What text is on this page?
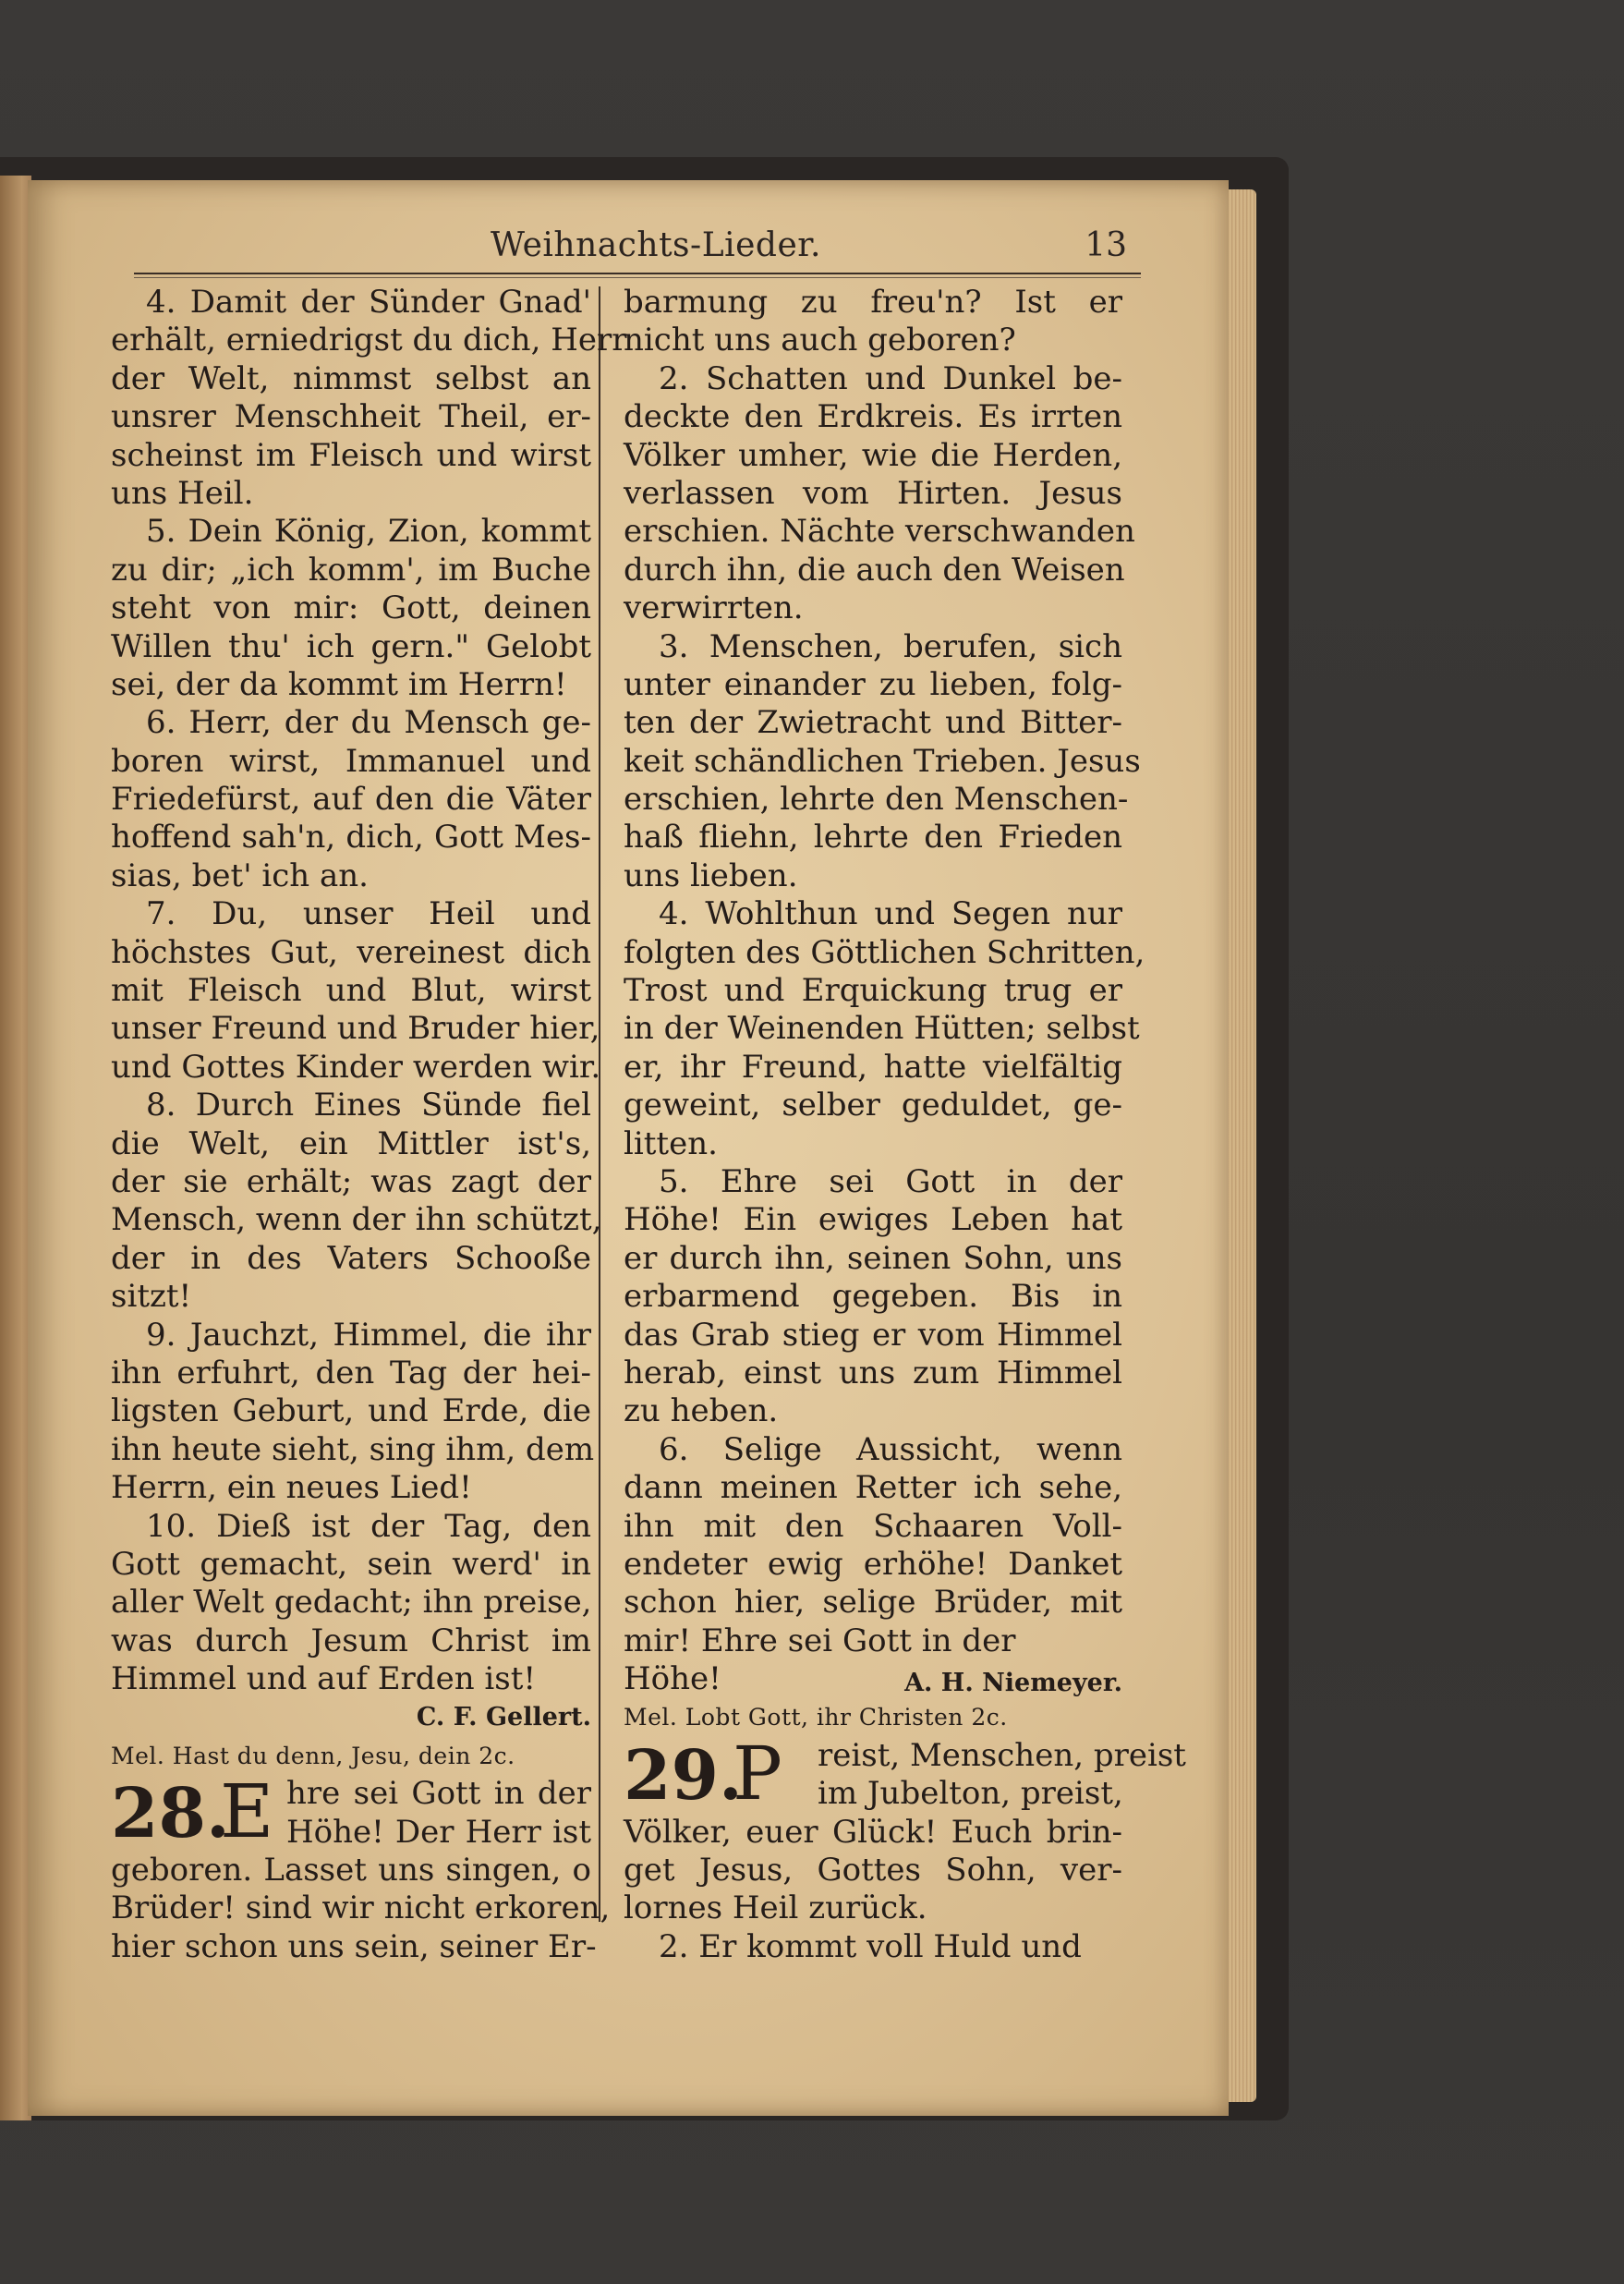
Weihnachts-Lieder.	13
4. Damit der Sünder Gnad'
erhält, erniedrigst du dich, Herr
der Welt, nimmst selbst an
unsrer Menschheit Theil, er-
scheinst im Fleisch und wirst
uns Heil.
5. Dein König, Zion, kommt
zu dir; „ich komm', im Buche
steht von mir: Gott, deinen
Willen thu' ich gern." Gelobt
sei, der da kommt im Herrn!
6. Herr, der du Mensch ge-
boren wirst, Immanuel und
Friedefürst, auf den die Väter
hoffend sah'n, dich, Gott Mes-
sias, bet' ich an.
7. Du, unser Heil und
höchstes Gut, vereinest dich
mit Fleisch und Blut, wirst
unser Freund und Bruder hier,
und Gottes Kinder werden wir.
8. Durch Eines Sünde fiel
die Welt, ein Mittler ist's,
der sie erhält; was zagt der
Mensch, wenn der ihn schützt,
der in des Vaters Schooße
sitzt!
9. Jauchzt, Himmel, die ihr
ihn erfuhrt, den Tag der hei-
ligsten Geburt, und Erde, die
ihn heute sieht, sing ihm, dem
Herrn, ein neues Lied!
10. Dieß ist der Tag, den
Gott gemacht, sein werd' in
aller Welt gedacht; ihn preise,
was durch Jesum Christ im
Himmel und auf Erden ist!
C. F. Gellert.
Mel. Hast du denn, Jesu, dein 2c.
28.
E hre sei Gott in der
Höhe! Der Herr ist
geboren. Lasset uns singen, o
Brüder! sind wir nicht erkoren,
hier schon uns sein, seiner Er-
barmung zu freu'n? Ist er
nicht uns auch geboren?
2. Schatten und Dunkel be-
deckte den Erdkreis. Es irrten
Völker umher, wie die Herden,
verlassen vom Hirten. Jesus
erschien. Nächte verschwanden
durch ihn, die auch den Weisen
verwirrten.
3. Menschen, berufen, sich
unter einander zu lieben, folg-
ten der Zwietracht und Bitter-
keit schändlichen Trieben. Jesus
erschien, lehrte den Menschen-
haß fliehn, lehrte den Frieden
uns lieben.
4. Wohlthun und Segen nur
folgten des Göttlichen Schritten,
Trost und Erquickung trug er
in der Weinenden Hütten; selbst
er, ihr Freund, hatte vielfältig
geweint, selber geduldet, ge-
litten.
5. Ehre sei Gott in der
Höhe! Ein ewiges Leben hat
er durch ihn, seinen Sohn, uns
erbarmend gegeben. Bis in
das Grab stieg er vom Himmel
herab, einst uns zum Himmel
zu heben.
6. Selige Aussicht, wenn
dann meinen Retter ich sehe,
ihn mit den Schaaren Voll-
endeter ewig erhöhe! Danket
schon hier, selige Brüder, mit
mir! Ehre sei Gott in der
Höhe!	A. H. Niemeyer.
Mel. Lobt Gott, ihr Christen 2c.
29.
P reist, Menschen, preist
im Jubelton, preist,
Völker, euer Glück! Euch brin-
get Jesus, Gottes Sohn, ver-
lornes Heil zurück.
2. Er kommt voll Huld und
